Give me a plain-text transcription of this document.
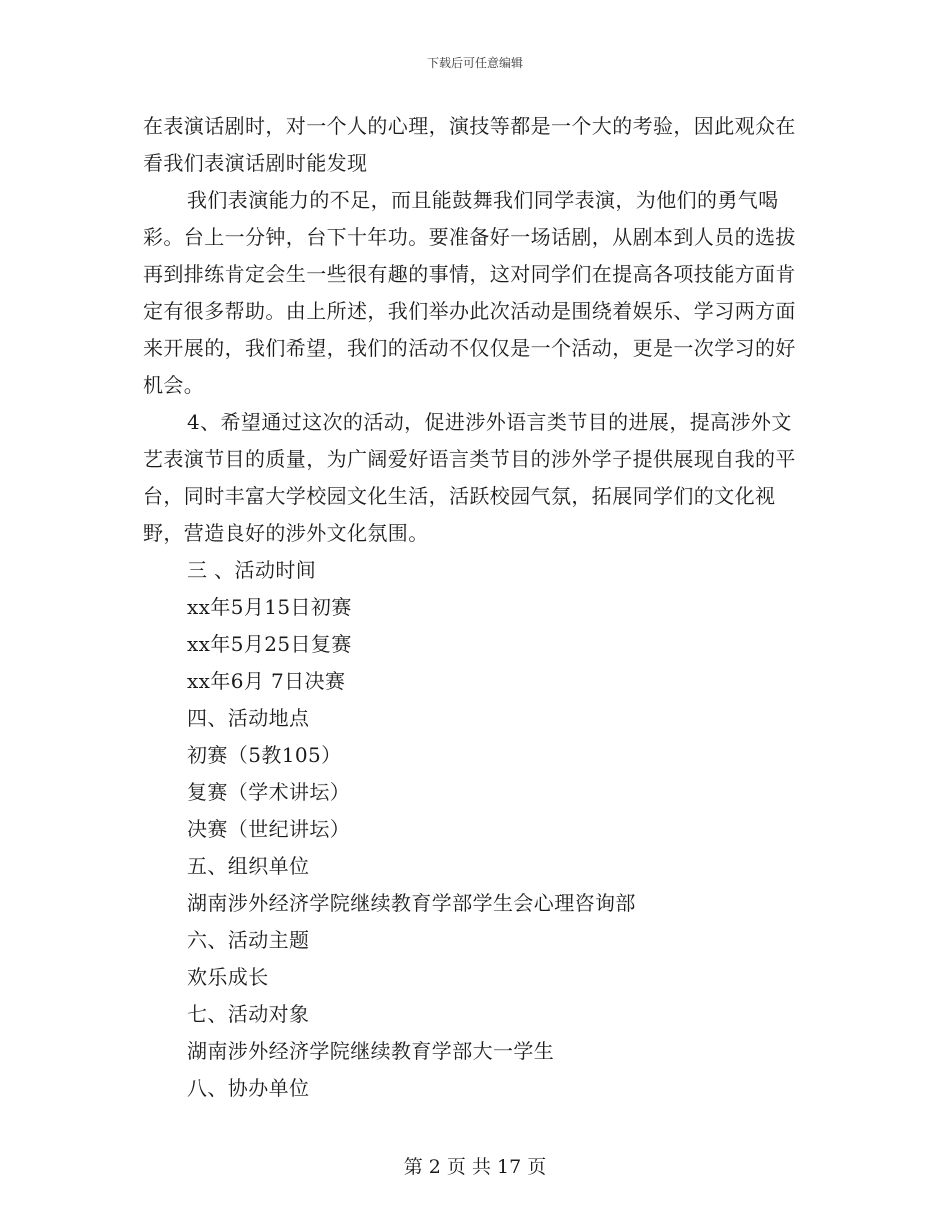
下载后可任意编辑

在表演话剧时，对一个人的心理，演技等都是一个大的考验，因此观众在看我们表演话剧时能发现

我们表演能力的不足，而且能鼓舞我们同学表演，为他们的勇气喝彩。台上一分钟，台下十年功。要准备好一场话剧，从剧本到人员的选拔再到排练肯定会生一些很有趣的事情，这对同学们在提高各项技能方面肯定有很多帮助。由上所述，我们举办此次活动是围绕着娱乐、学习两方面来开展的，我们希望，我们的活动不仅仅是一个活动，更是一次学习的好机会。

4、希望通过这次的活动，促进涉外语言类节目的进展，提高涉外文艺表演节目的质量，为广阔爱好语言类节目的涉外学子提供展现自我的平台，同时丰富大学校园文化生活，活跃校园气氛，拓展同学们的文化视野，营造良好的涉外文化氛围。

三 、活动时间

xx年5月15日初赛

xx年5月25日复赛

xx年6月 7日决赛

四、活动地点

初赛（5教105）

复赛（学术讲坛）

决赛（世纪讲坛）

五、组织单位

湖南涉外经济学院继续教育学部学生会心理咨询部

六、活动主题

欢乐成长

七、活动对象

湖南涉外经济学院继续教育学部大一学生

八、协办单位

第 2 页 共 17 页
